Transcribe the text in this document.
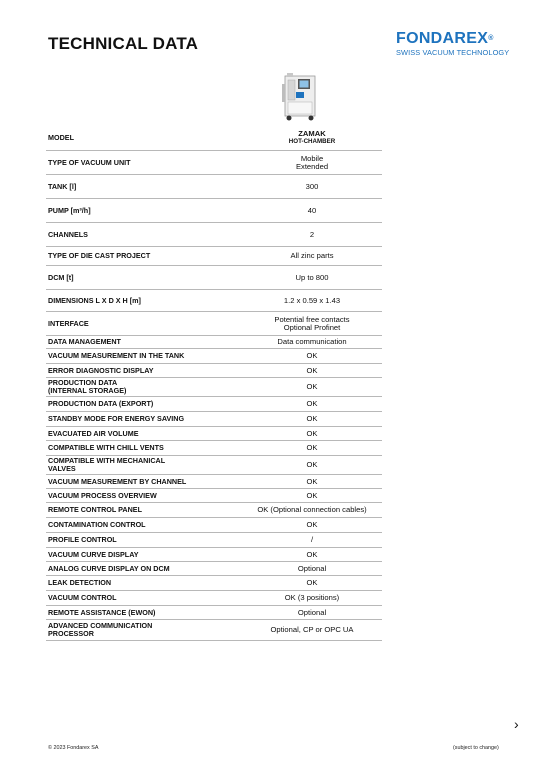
TECHNICAL DATA	FONDAREX®
SWISS VACUUM TECHNOLOGY
MODEL	ZAMAK
HOT-CHAMBER
TYPE OF VACUUM UNIT	Mobile
Extended
TANK [l]	300
PUMP [m³/h]	40
CHANNELS	2
TYPE OF DIE CAST PROJECT	All zinc parts
DCM [t]	Up to 800
DIMENSIONS L X D X H [m]	1.2 x 0.59 x 1.43
INTERFACE	Potential free contacts
Optional Profinet
DATA MANAGEMENT	Data communication
VACUUM MEASUREMENT IN THE TANK	OK
ERROR DIAGNOSTIC DISPLAY	OK
PRODUCTION DATA
(INTERNAL STORAGE)	OK
PRODUCTION DATA (EXPORT)	OK
STANDBY MODE FOR ENERGY SAVING	OK
EVACUATED AIR VOLUME	OK
COMPATIBLE WITH CHILL VENTS	OK
COMPATIBLE WITH MECHANICAL
VALVES	OK
VACUUM MEASUREMENT BY CHANNEL	OK
VACUUM PROCESS OVERVIEW	OK
REMOTE CONTROL PANEL	OK (Optional connection cables)
CONTAMINATION CONTROL	OK
PROFILE CONTROL	/
VACUUM CURVE DISPLAY	OK
ANALOG CURVE DISPLAY ON DCM	Optional
LEAK DETECTION	OK
VACUUM CONTROL	OK (3 positions)
REMOTE ASSISTANCE (EWON)	Optional
ADVANCED COMMUNICATION
PROCESSOR	Optional, CP or OPC UA
›
© 2023 Fondarex SA	(subject to change)
